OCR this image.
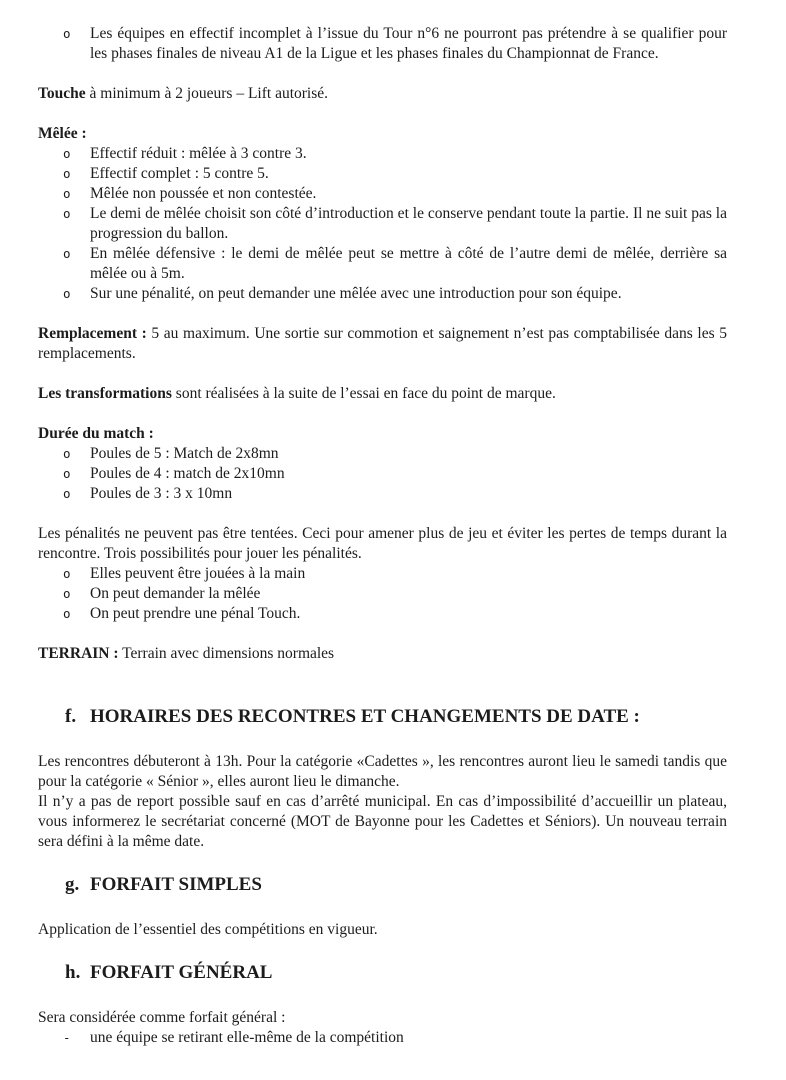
o	Les équipes en effectif incomplet à l’issue du Tour n°6 ne pourront pas prétendre à se qualifier pour les phases finales de niveau A1 de la Ligue et les phases finales du Championnat de France.

Touche à minimum à 2 joueurs – Lift autorisé.

Mêlée :

o	Effectif réduit : mêlée à 3 contre 3.
o	Effectif complet : 5 contre 5.
o	Mêlée non poussée et non contestée.
o	Le demi de mêlée choisit son côté d’introduction et le conserve pendant toute la partie. Il ne suit pas la progression du ballon.
o	En mêlée défensive : le demi de mêlée peut se mettre à côté de l’autre demi de mêlée, derrière sa mêlée ou à 5m.
o	Sur une pénalité, on peut demander une mêlée avec une introduction pour son équipe.

Remplacement : 5 au maximum. Une sortie sur commotion et saignement n’est pas comptabilisée dans les 5 remplacements.

Les transformations sont réalisées à la suite de l’essai en face du point de marque.

Durée du match :

o	Poules de 5 : Match de 2x8mn
o	Poules de 4 : match de 2x10mn
o	Poules de 3 : 3 x 10mn

Les pénalités ne peuvent pas être tentées. Ceci pour amener plus de jeu et éviter les pertes de temps durant la rencontre. Trois possibilités pour jouer les pénalités.

o	Elles peuvent être jouées à la main
o	On peut demander la mêlée
o	On peut prendre une pénal Touch.

TERRAIN : Terrain avec dimensions normales

f. HORAIRES DES RECONTRES ET CHANGEMENTS DE DATE :

Les rencontres débuteront à 13h. Pour la catégorie «Cadettes », les rencontres auront lieu le samedi tandis que pour la catégorie « Sénior », elles auront lieu le dimanche.

Il n’y a pas de report possible sauf en cas d’arrêté municipal. En cas d’impossibilité d’accueillir un plateau, vous informerez le secrétariat concerné (MOT de Bayonne pour les Cadettes et Séniors). Un nouveau terrain sera défini à la même date.

g. FORFAIT SIMPLES

Application de l’essentiel des compétitions en vigueur.

h. FORFAIT GÉNÉRAL

Sera considérée comme forfait général :

-	une équipe se retirant elle-même de la compétition
